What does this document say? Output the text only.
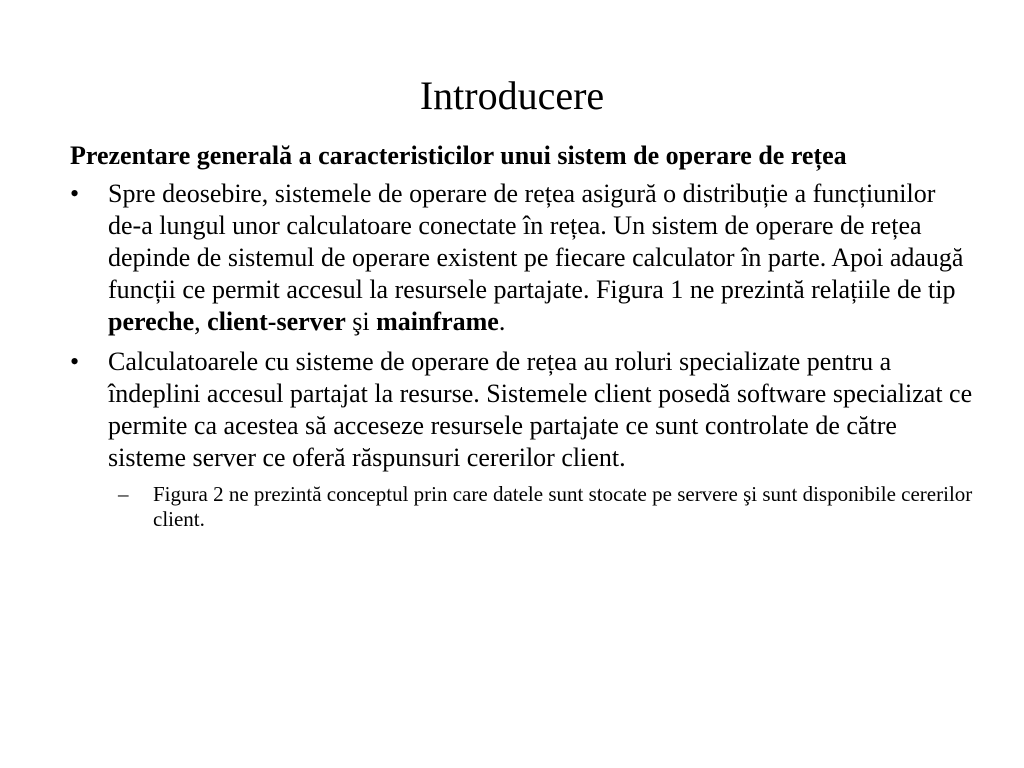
Introducere

Prezentare generală a caracteristicilor unui sistem de operare de rețea

• Spre deosebire, sistemele de operare de rețea asigură o distribuție a funcțiunilor de-a lungul unor calculatoare conectate în rețea. Un sistem de operare de rețea depinde de sistemul de operare existent pe fiecare calculator în parte. Apoi adaugă funcții ce permit accesul la resursele partajate. Figura 1 ne prezintă relațiile de tip pereche, client-server şi mainframe.
• Calculatoarele cu sisteme de operare de rețea au roluri specializate pentru a îndeplini accesul partajat la resurse. Sistemele client posedă software specializat ce permite ca acestea să acceseze resursele partajate ce sunt controlate de către sisteme server ce oferă răspunsuri cererilor client.
– Figura 2 ne prezintă conceptul prin care datele sunt stocate pe servere şi sunt disponibile cererilor client.
